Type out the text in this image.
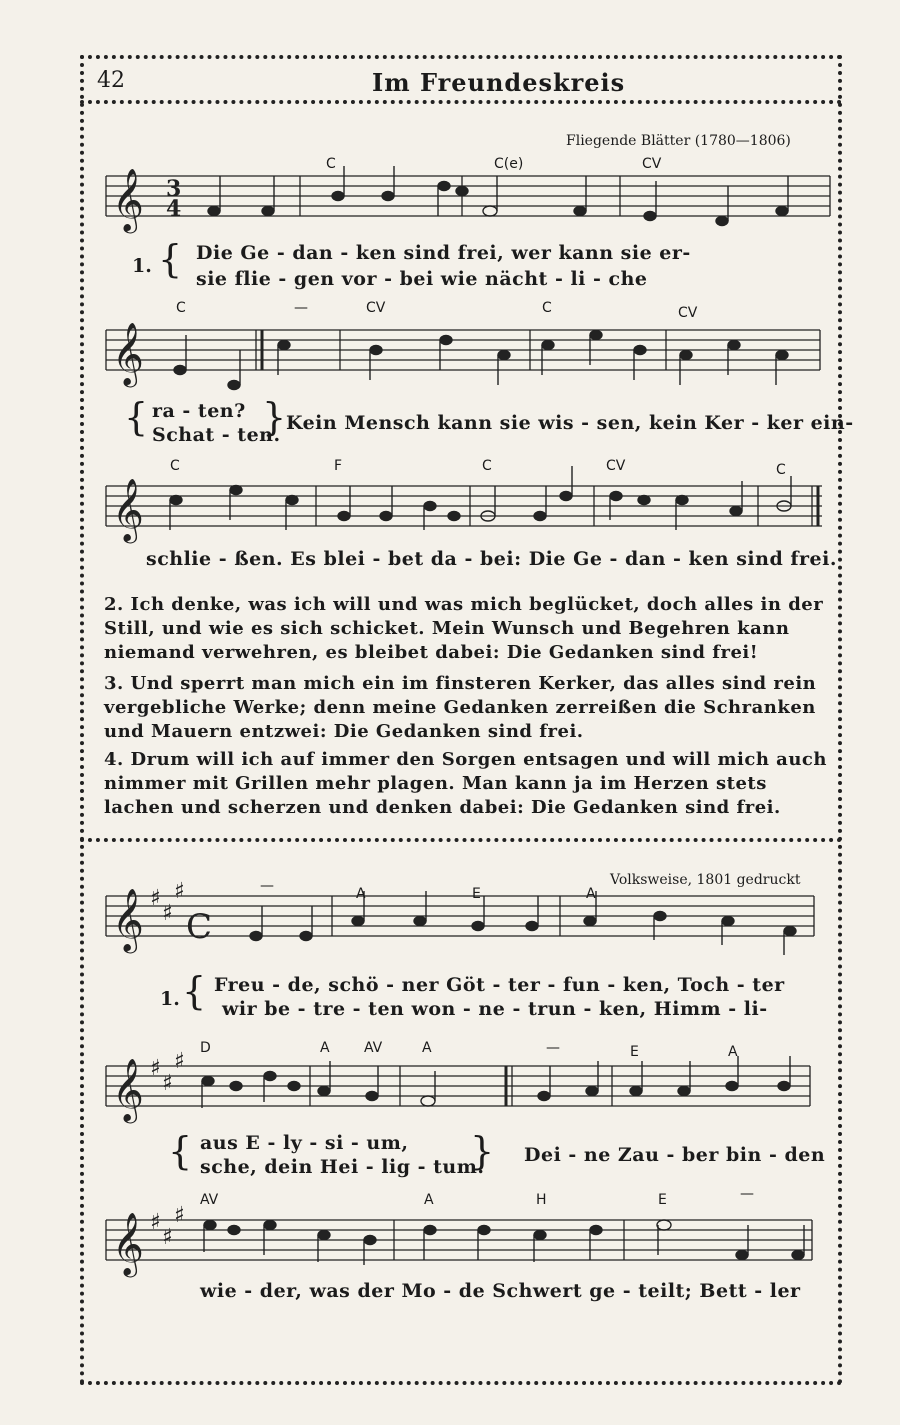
42	Im Freundeskreis
Fliegende Blätter (1780—1806)
C	C(e)	CV
C	—	CV	C	CV
C	F	C	CV	C
𝄞
𝄞
𝄞
𝄞
𝄞
𝄞
♯
♯
♯
♯
♯
♯
♯
♯
♯
3
4
C
1. { Die Ge - dan - ken sind frei, wer kann sie er-
sie flie - gen vor - bei wie nächt - li - che
{ ra - ten?
Schat - ten.
} Kein Mensch kann sie wis - sen, kein Ker - ker ein-
schlie - ßen. Es blei - bet da - bei: Die Ge - dan - ken sind frei.
2. Ich denke, was ich will und was mich beglücket, doch alles in der Still, und wie es sich schicket. Mein Wunsch und Begehren kann niemand verwehren, es bleibet dabei: Die Gedanken sind frei!
3. Und sperrt man mich ein im finsteren Kerker, das alles sind rein vergebliche Werke; denn meine Gedanken zerreißen die Schranken und Mauern entzwei: Die Gedanken sind frei.
4. Drum will ich auf immer den Sorgen entsagen und will mich auch nimmer mit Grillen mehr plagen. Man kann ja im Herzen stets lachen und scherzen und denken dabei: Die Gedanken sind frei.
Volksweise, 1801 gedruckt
—	A	E	A
D	A AV	A	—	E	A
AV	A	H	E	—
1. { Freu - de, schö - ner Göt - ter - fun - ken, Toch - ter
wir be - tre - ten won - ne - trun - ken, Himm - li-
{ aus E - ly - si - um,
sche, dein Hei - lig - tum.
} Dei - ne Zau - ber bin - den
wie - der, was der Mo - de Schwert ge - teilt; Bett - ler
